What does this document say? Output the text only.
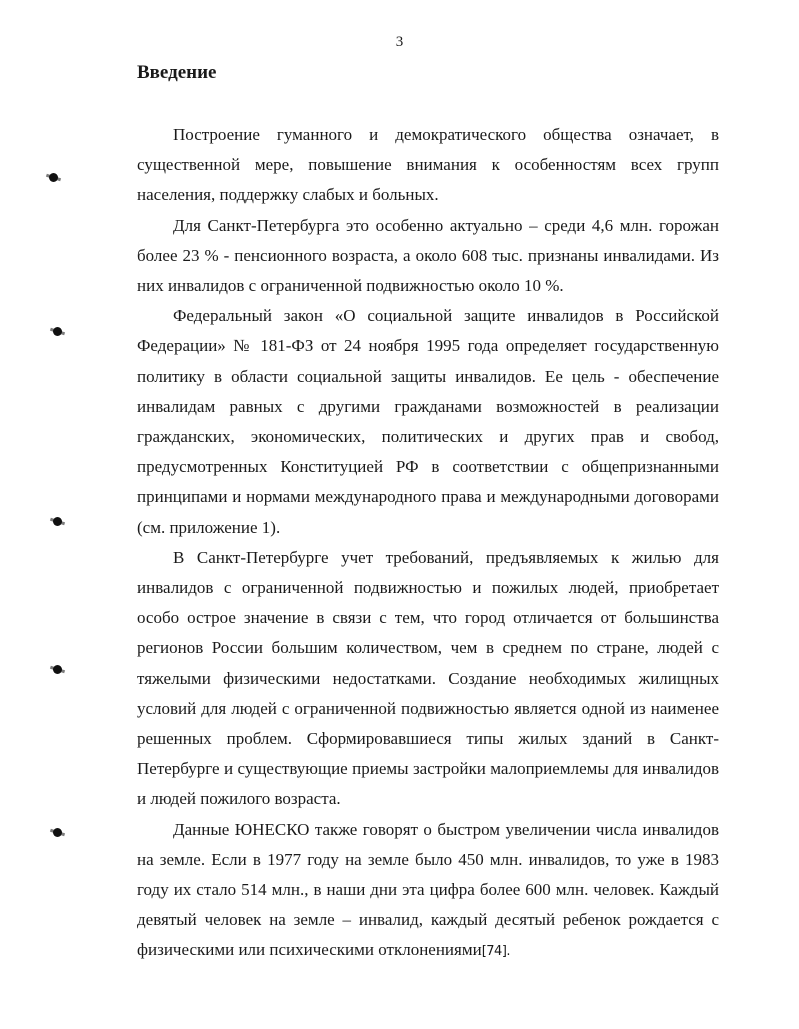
3
Введение

Построение гуманного и демократического общества означает, в существенной мере, повышение внимания к особенностям всех групп населения, поддержку слабых и больных.

Для Санкт-Петербурга это особенно актуально – среди 4,6 млн. горожан более 23 % - пенсионного возраста, а около 608 тыс. признаны инвалидами. Из них инвалидов с ограниченной подвижностью около 10 %.

Федеральный закон «О социальной защите инвалидов в Российской Федерации» № 181-ФЗ от 24 ноября 1995 года определяет государственную политику в области социальной защиты инвалидов. Ее цель - обеспечение инвалидам равных с другими гражданами возможностей в реализации гражданских, экономических, политических и других прав и свобод, предусмотренных Конституцией РФ в соответствии с общепризнанными принципами и нормами международного права и международными договорами (см. приложение 1).

В Санкт-Петербурге учет требований, предъявляемых к жилью для инвалидов с ограниченной подвижностью и пожилых людей, приобретает особо острое значение в связи с тем, что город отличается от большинства регионов России большим количеством, чем в среднем по стране, людей с тяжелыми физическими недостатками. Создание необходимых жилищных условий для людей с ограниченной подвижностью является одной из наименее решенных проблем. Сформировавшиеся типы жилых зданий в Санкт-Петербурге и существующие приемы застройки малоприемлемы для инвалидов и людей пожилого возраста.

Данные ЮНЕСКО также говорят о быстром увеличении числа инвалидов на земле. Если в 1977 году на земле было 450 млн. инвалидов, то уже в 1983 году их стало 514 млн., в наши дни эта цифра более 600 млн. человек. Каждый девятый человек на земле – инвалид, каждый десятый ребенок рождается с физическими или психическими отклонениями[74].
